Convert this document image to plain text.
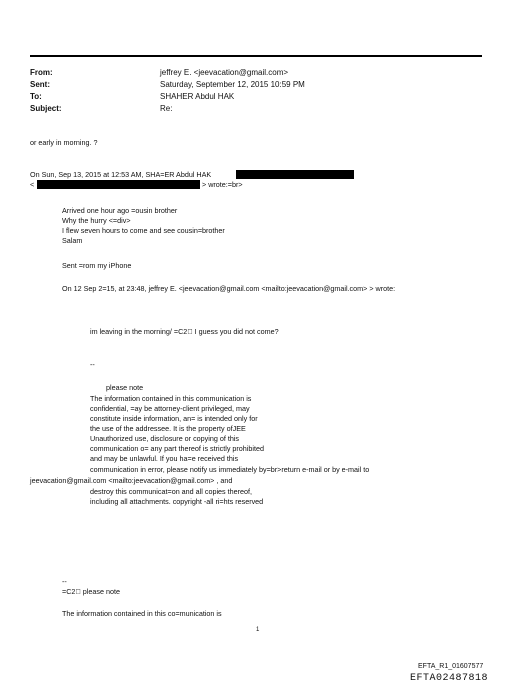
From:	jeffrey E. <jeevacation@gmail.com>
Sent:	Saturday, September 12, 2015 10:59 PM
To:	SHAHER Abdul HAK
Subject:	Re:
or early in morning. ?
On Sun, Sep 13, 2015 at 12:53 AM, SHA=ER Abdul HAK
<	> wrote:=br>
Arrived one hour ago =ousin brother
Why the hurry <=div>
I flew seven hours to come and see cousin=brother
Salam
Sent =rom my iPhone
On 12 Sep 2=15, at 23:48, jeffrey E. <jeevacation@gmail.com <mailto:jeevacation@gmail.com> > wrote:
im leaving in the morning/ =C2  I guess you did not come?
--
please note
The information contained in this communication is
confidential, =ay be attorney-client privileged, may
constitute inside information, an= is intended only for
the use of the addressee. It is the property ofJEE
Unauthorized use, disclosure or copying of this
communication o= any part thereof is strictly prohibited
and may be unlawful. If you ha=e received this
communication in error, please notify us immediately by=br>return e-mail or by e-mail to
jeevacation@gmail.com <mailto:jeevacation@gmail.com> , and
destroy this communicat=on and all copies thereof,
including all attachments. copyright -all ri=hts reserved
--
=C2  please note
The information contained in this co=munication is
1
EFTA_R1_01607577
EFTA02487818
